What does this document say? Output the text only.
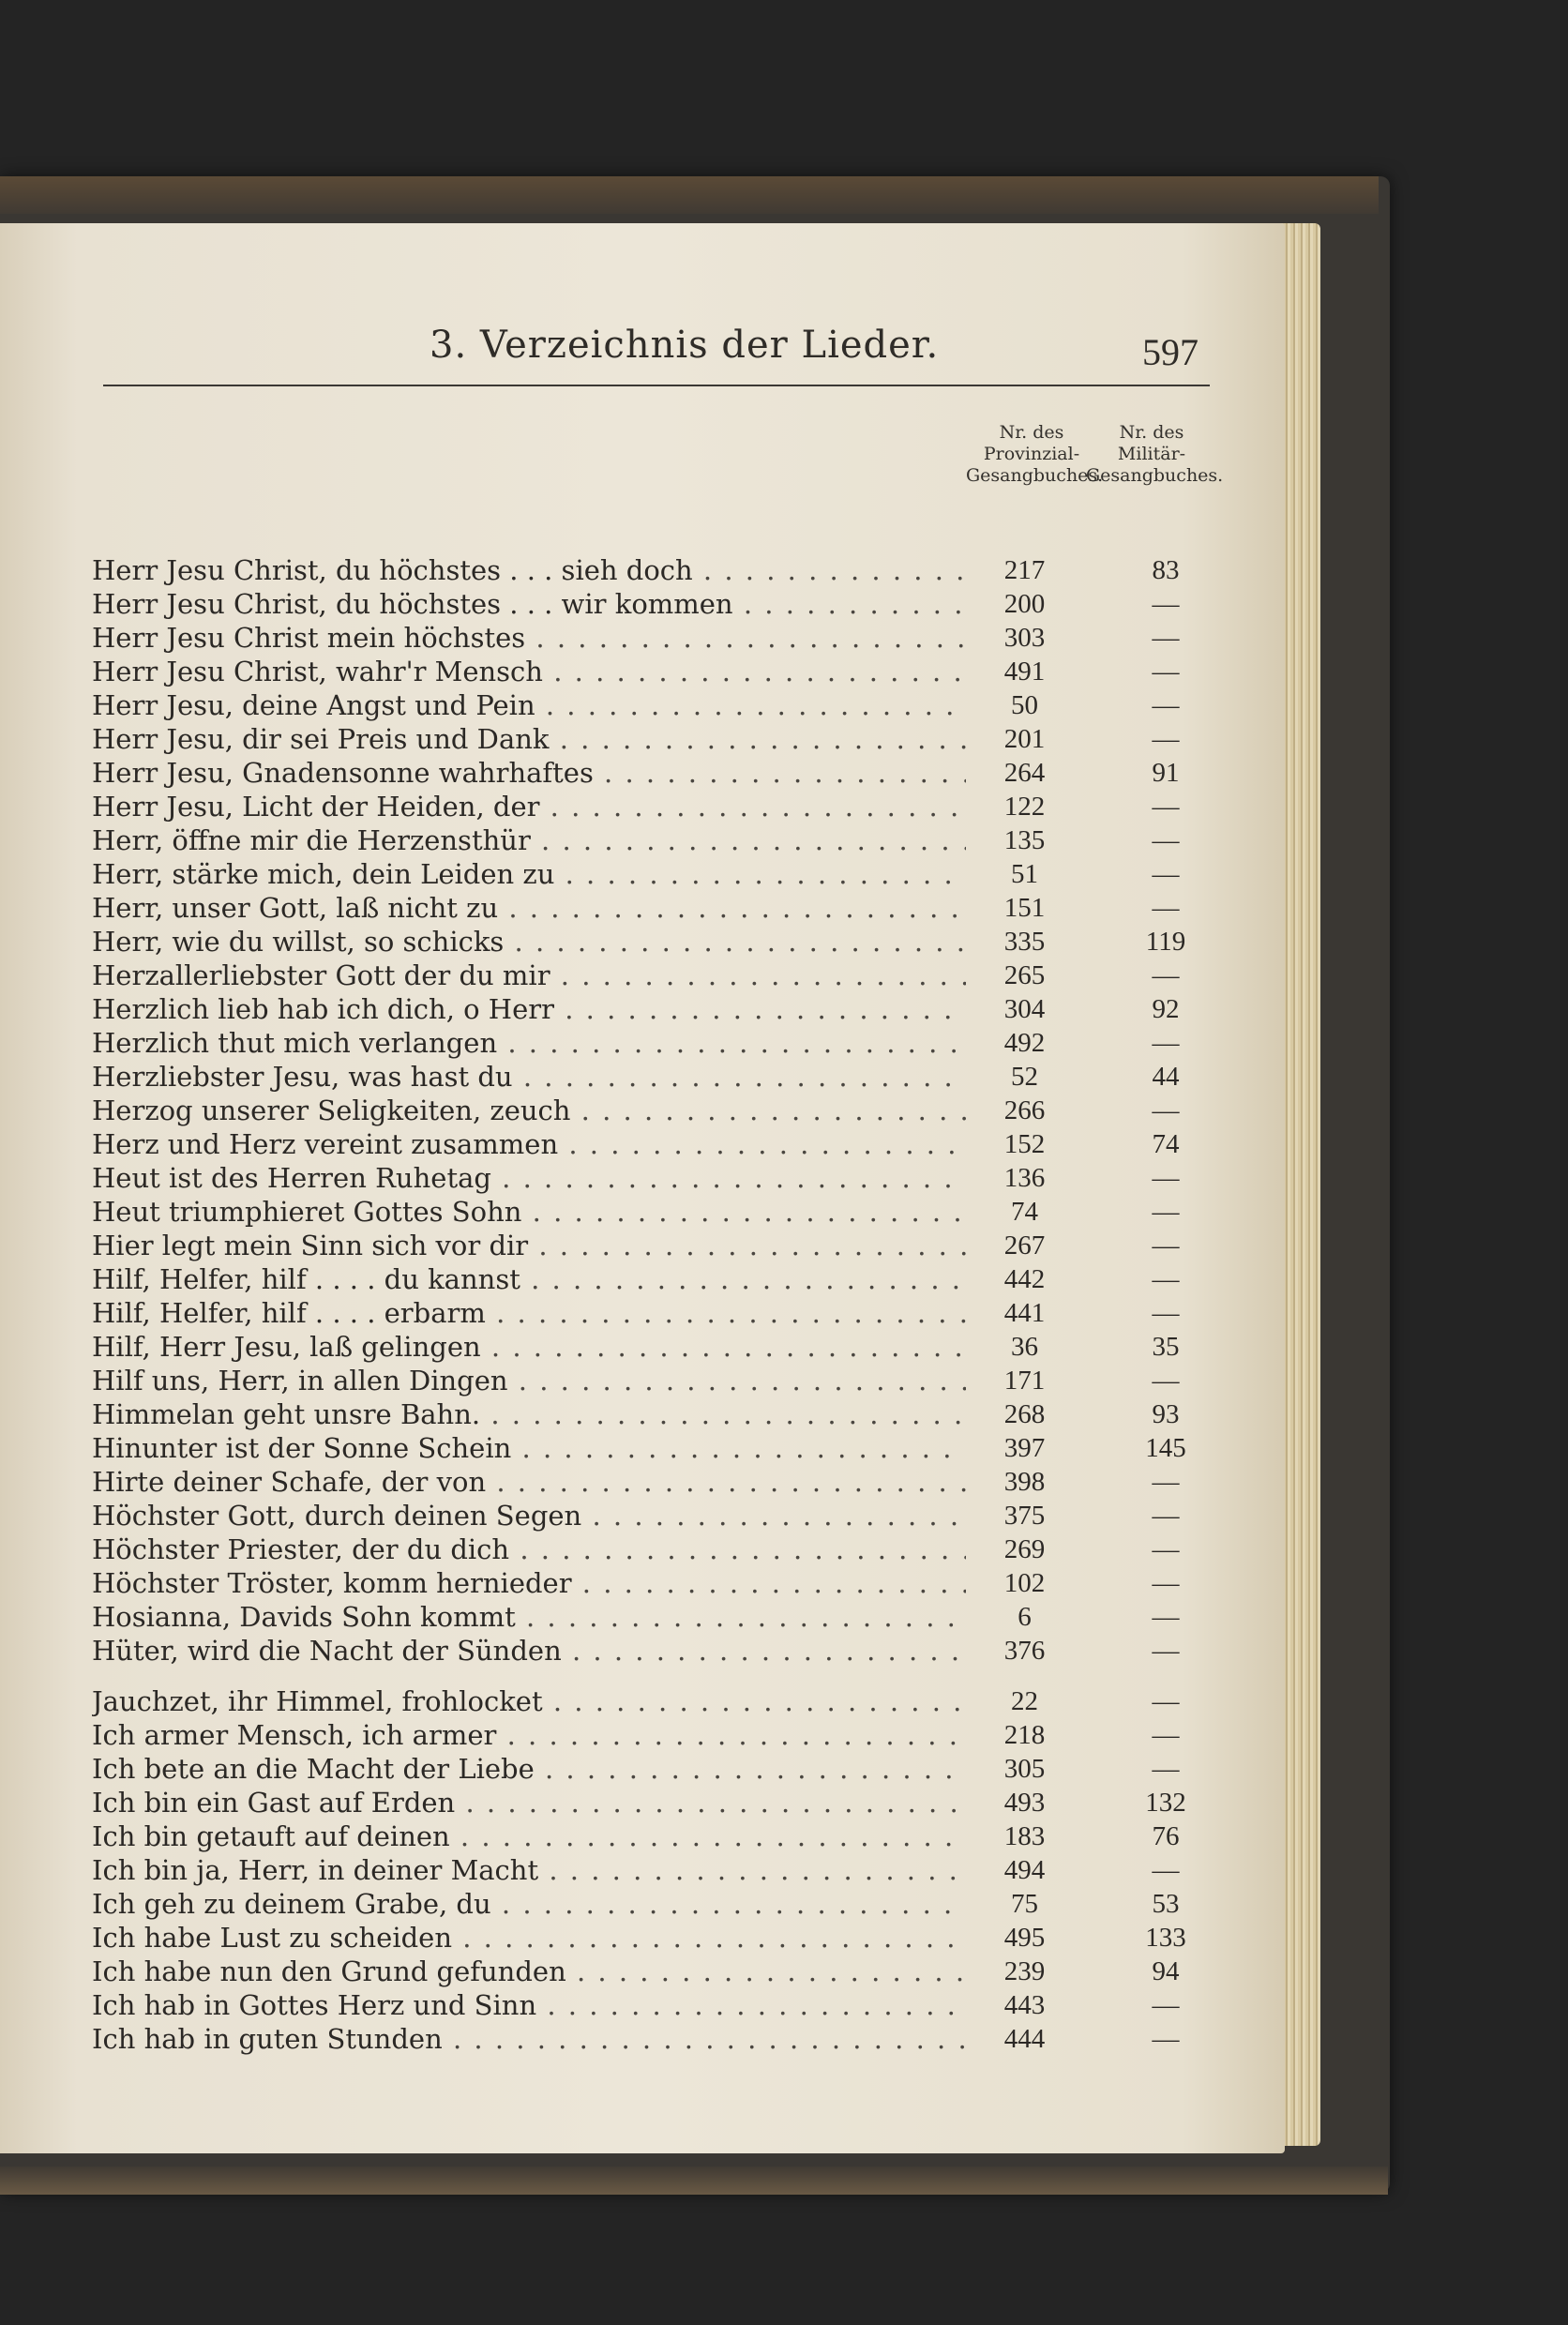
3. Verzeichnis der Lieder.	597
Nr. des Provinzial-Gesangbuches.
Nr. des Militär-Gesangbuches.
Herr Jesu Christ, du höchstes . . . sieh doch . . .	217	83
Herr Jesu Christ, du höchstes . . . wir kommen . . .	200	—
Herr Jesu Christ mein höchstes . . .	303	—
Herr Jesu Christ, wahr'r Mensch . . .	491	—
Herr Jesu, deine Angst und Pein . . .	50	—
Herr Jesu, dir sei Preis und Dank . . .	201	—
Herr Jesu, Gnadensonne wahrhaftes . . .	264	91
Herr Jesu, Licht der Heiden, der . . .	122	—
Herr, öffne mir die Herzensthür . . .	135	—
Herr, stärke mich, dein Leiden zu . . .	51	—
Herr, unser Gott, laß nicht zu . . .	151	—
Herr, wie du willst, so schicks . . .	335	119
Herzallerliebster Gott der du mir . . .	265	—
Herzlich lieb hab ich dich, o Herr . . .	304	92
Herzlich thut mich verlangen . . .	492	—
Herzliebster Jesu, was hast du . . .	52	44
Herzog unserer Seligkeiten, zeuch . . .	266	—
Herz und Herz vereint zusammen . . .	152	74
Heut ist des Herren Ruhetag . . .	136	—
Heut triumphieret Gottes Sohn . . .	74	—
Hier legt mein Sinn sich vor dir . . .	267	—
Hilf, Helfer, hilf . . . . du kannst . . .	442	—
Hilf, Helfer, hilf . . . . erbarm . . .	441	—
Hilf, Herr Jesu, laß gelingen . . .	36	35
Hilf uns, Herr, in allen Dingen . . .	171	—
Himmelan geht unsre Bahn. . . .	268	93
Hinunter ist der Sonne Schein . . .	397	145
Hirte deiner Schafe, der von . . .	398	—
Höchster Gott, durch deinen Segen . . .	375	—
Höchster Priester, der du dich . . .	269	—
Höchster Tröster, komm hernieder . . .	102	—
Hosianna, Davids Sohn kommt . . .	6	—
Hüter, wird die Nacht der Sünden . . .	376	—
Jauchzet, ihr Himmel, frohlocket . . .	22	—
Ich armer Mensch, ich armer . . .	218	—
Ich bete an die Macht der Liebe . . .	305	—
Ich bin ein Gast auf Erden . . .	493	132
Ich bin getauft auf deinen . . .	183	76
Ich bin ja, Herr, in deiner Macht . . .	494	—
Ich geh zu deinem Grabe, du . . .	75	53
Ich habe Lust zu scheiden . . .	495	133
Ich habe nun den Grund gefunden . . .	239	94
Ich hab in Gottes Herz und Sinn . . .	443	—
Ich hab in guten Stunden . . .	444	—
